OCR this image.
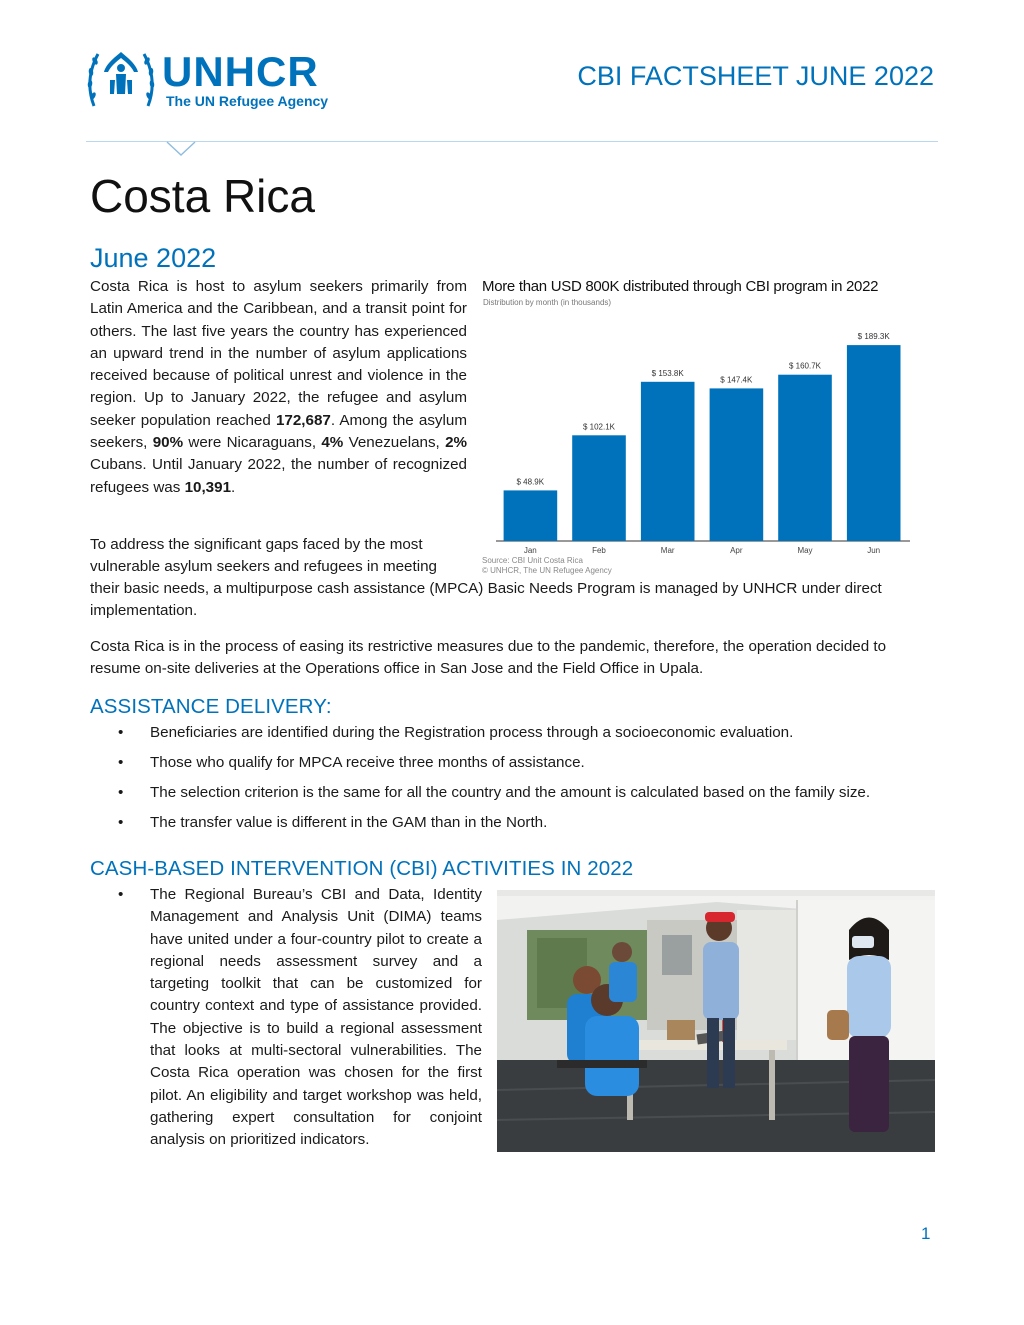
UNHCR
The UN Refugee Agency
CBI FACTSHEET JUNE 2022
Costa Rica
June 2022
Costa Rica is host to asylum seekers primarily from Latin America and the Caribbean, and a transit point for others. The last five years the country has experienced an upward trend in the number of asylum applications received because of political unrest and violence in the region. Up to January 2022, the refugee and asylum seeker population reached 172,687. Among the asylum seekers, 90% were Nicaraguans, 4% Venezuelans, 2% Cubans. Until January 2022, the number of recognized refugees was 10,391.
To address the significant gaps faced by the most
vulnerable asylum seekers and refugees in meeting
their basic needs, a multipurpose cash assistance (MPCA) Basic Needs Program is managed by UNHCR under direct implementation.
Costa Rica is in the process of easing its restrictive measures due to the pandemic, therefore, the operation decided to resume on-site deliveries at the Operations office in San Jose and the Field Office in Upala.
More than USD 800K distributed through CBI program in 2022
Distribution by month (in thousands)
$ 48.9K
Jan
$ 102.1K
Feb
$ 153.8K
Mar
$ 147.4K
Apr
$ 160.7K
May
$ 189.3K
Jun
Source: CBI Unit Costa Rica
© UNHCR, The UN Refugee Agency
ASSISTANCE DELIVERY:
• Beneficiaries are identified during the Registration process through a socioeconomic evaluation.
• Those who qualify for MPCA receive three months of assistance.
• The selection criterion is the same for all the country and the amount is calculated based on the family size.
• The transfer value is different in the GAM than in the North.
CASH-BASED INTERVENTION (CBI) ACTIVITIES IN 2022
• The Regional Bureau’s CBI and Data, Identity Management and Analysis Unit (DIMA) teams have united under a four-country pilot to create a regional needs assessment survey and a targeting toolkit that can be customized for country context and type of assistance provided. The objective is to build a regional assessment that looks at multi-sectoral vulnerabilities. The Costa Rica operation was chosen for the first pilot. An eligibility and target workshop was held, gathering expert consultation for conjoint analysis on prioritized indicators.
1
